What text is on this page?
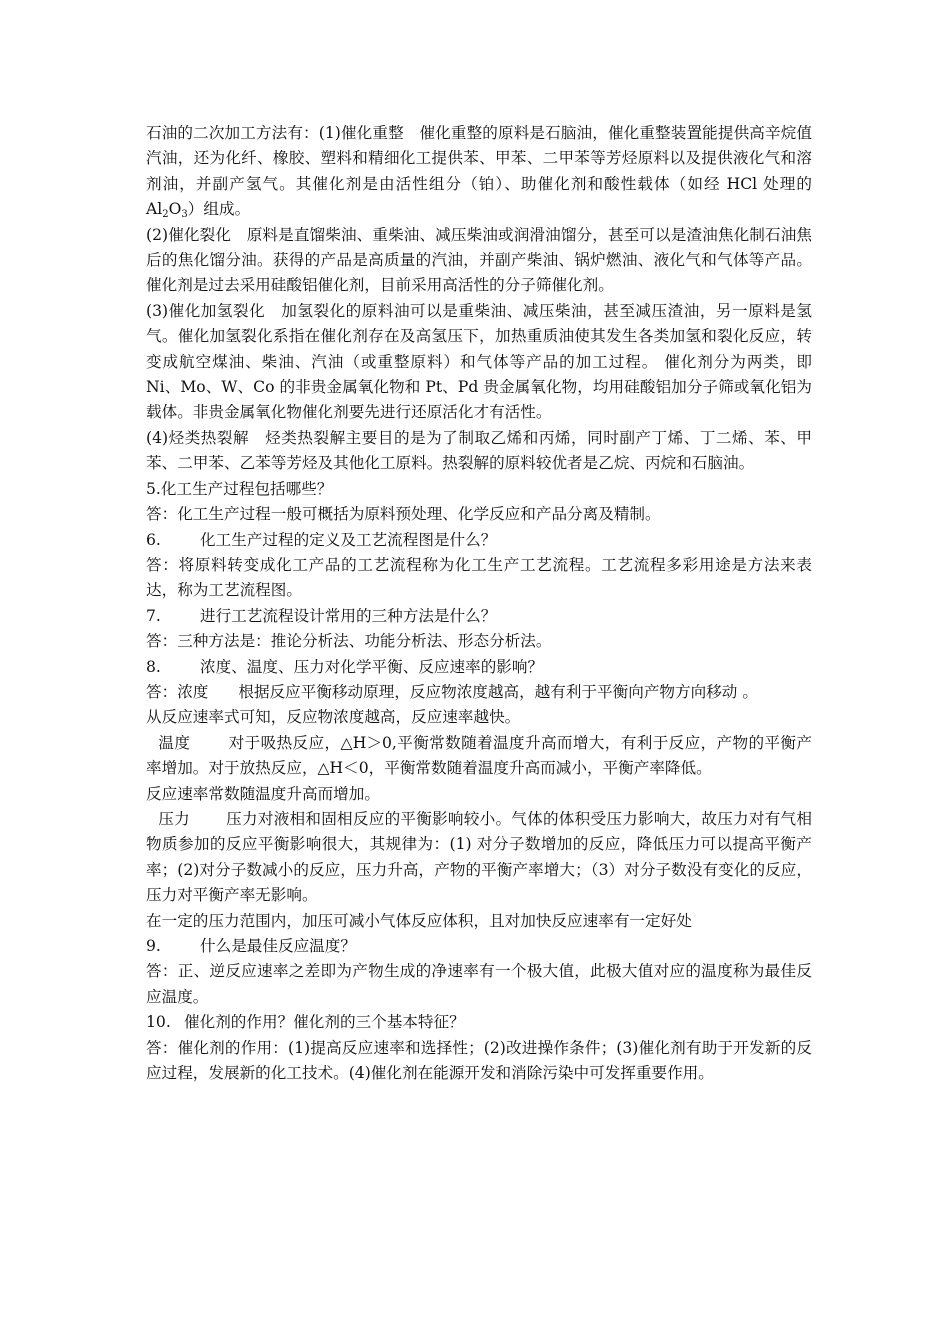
石油的二次加工方法有：(1)催化重整　催化重整的原料是石脑油，催化重整装置能提供高辛烷值汽油，还为化纤、橡胶、塑料和精细化工提供苯、甲苯、二甲苯等芳烃原料以及提供液化气和溶剂油，并副产氢气。其催化剂是由活性组分（铂）、助催化剂和酸性载体（如经 HCl 处理的 $Al_2O_3$）组成。

(2)催化裂化　原料是直馏柴油、重柴油、减压柴油或润滑油馏分，甚至可以是渣油焦化制石油焦后的焦化馏分油。获得的产品是高质量的汽油，并副产柴油、锅炉燃油、液化气和气体等产品。催化剂是过去采用硅酸铝催化剂，目前采用高活性的分子筛催化剂。

(3)催化加氢裂化　加氢裂化的原料油可以是重柴油、减压柴油，甚至减压渣油，另一原料是氢气。催化加氢裂化系指在催化剂存在及高氢压下，加热重质油使其发生各类加氢和裂化反应，转变成航空煤油、柴油、汽油（或重整原料）和气体等产品的加工过程。 催化剂分为两类，即 Ni、Mo、W、Co 的非贵金属氧化物和 Pt、Pd 贵金属氧化物，均用硅酸铝加分子筛或氧化铝为载体。非贵金属氧化物催化剂要先进行还原活化才有活性。

(4)烃类热裂解　烃类热裂解主要目的是为了制取乙烯和丙烯，同时副产丁烯、丁二烯、苯、甲苯、二甲苯、乙苯等芳烃及其他化工原料。热裂解的原料较优者是乙烷、丙烷和石脑油。

5.化工生产过程包括哪些？

答：化工生产过程一般可概括为原料预处理、化学反应和产品分离及精制。

6.	化工生产过程的定义及工艺流程图是什么？

答：将原料转变成化工产品的工艺流程称为化工生产工艺流程。工艺流程多彩用途是方法来表达，称为工艺流程图。

7.	进行工艺流程设计常用的三种方法是什么？

答：三种方法是：推论分析法、功能分析法、形态分析法。

8.	浓度、温度、压力对化学平衡、反应速率的影响？

答：浓度 根据反应平衡移动原理，反应物浓度越高，越有利于平衡向产物方向移动 。

从反应速率式可知，反应物浓度越高，反应速率越快。

温度 对于吸热反应，△H＞0,平衡常数随着温度升高而增大，有利于反应，产物的平衡产率增加。对于放热反应，△H＜0，平衡常数随着温度升高而减小，平衡产率降低。

反应速率常数随温度升高而增加。

压力 压力对液相和固相反应的平衡影响较小。气体的体积受压力影响大，故压力对有气相物质参加的反应平衡影响很大，其规律为：(1) 对分子数增加的反应，降低压力可以提高平衡产率；(2)对分子数减小的反应，压力升高，产物的平衡产率增大；（3）对分子数没有变化的反应，压力对平衡产率无影响。

在一定的压力范围内，加压可减小气体反应体积，且对加快反应速率有一定好处

9.	什么是最佳反应温度？

答：正、逆反应速率之差即为产物生成的净速率有一个极大值，此极大值对应的温度称为最佳反应温度。

10. 催化剂的作用？催化剂的三个基本特征？

答：催化剂的作用：(1)提高反应速率和选择性；(2)改进操作条件；(3)催化剂有助于开发新的反应过程，发展新的化工技术。(4)催化剂在能源开发和消除污染中可发挥重要作用。
